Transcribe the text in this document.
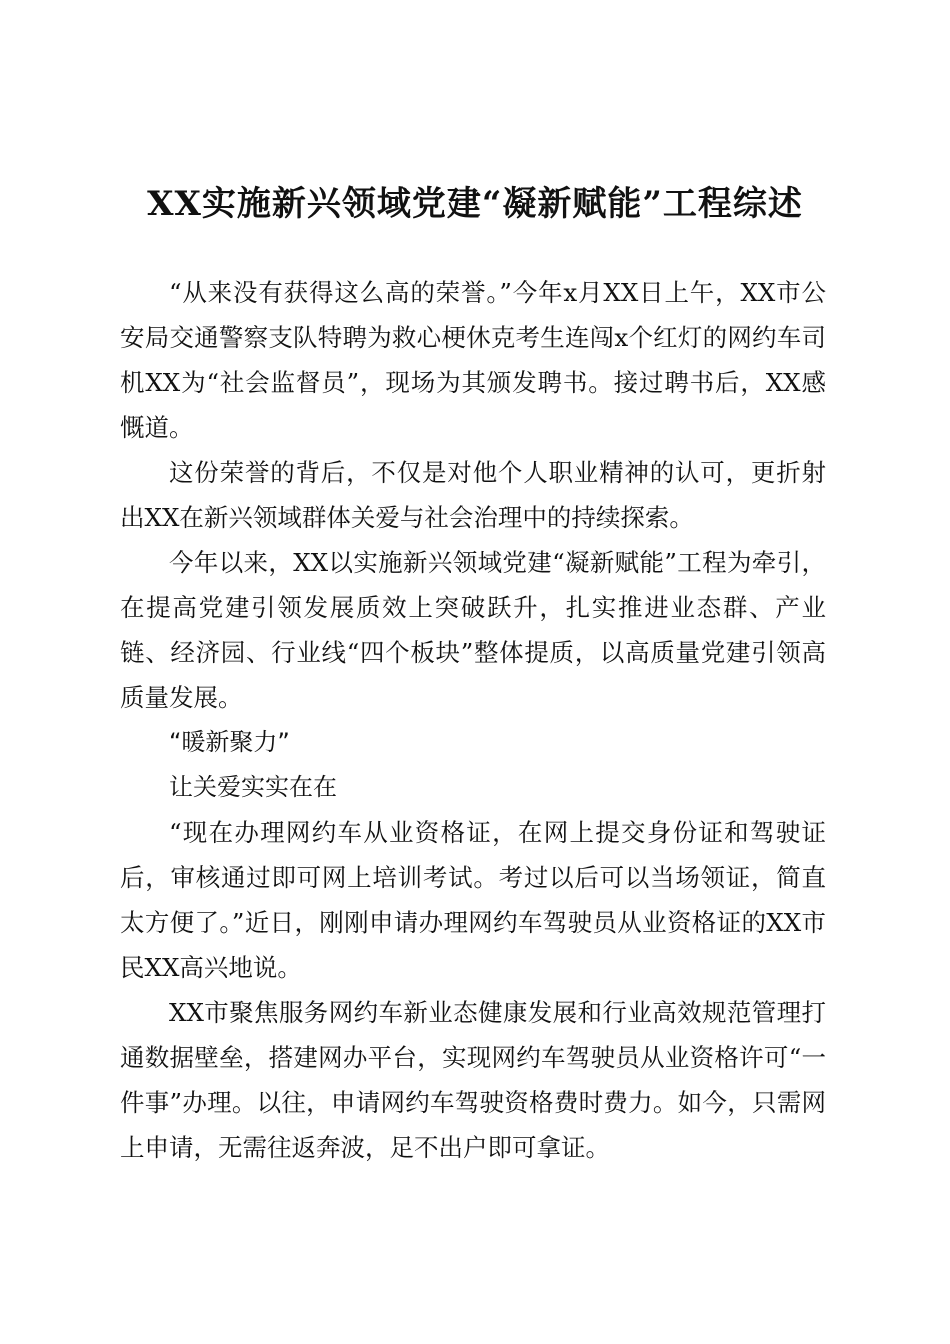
XX实施新兴领域党建“凝新赋能”工程综述

“从来没有获得这么高的荣誉。”今年x月XX日上午，XX市公安局交通警察支队特聘为救心梗休克考生连闯x个红灯的网约车司机XX为“社会监督员”，现场为其颁发聘书。接过聘书后，XX感慨道。

这份荣誉的背后，不仅是对他个人职业精神的认可，更折射出XX在新兴领域群体关爱与社会治理中的持续探索。

今年以来，XX以实施新兴领域党建“凝新赋能”工程为牵引，在提高党建引领发展质效上突破跃升，扎实推进业态群、产业链、经济园、行业线“四个板块”整体提质，以高质量党建引领高质量发展。

“暖新聚力”

让关爱实实在在

“现在办理网约车从业资格证，在网上提交身份证和驾驶证后，审核通过即可网上培训考试。考过以后可以当场领证，简直太方便了。”近日，刚刚申请办理网约车驾驶员从业资格证的XX市民XX高兴地说。

XX市聚焦服务网约车新业态健康发展和行业高效规范管理打通数据壁垒，搭建网办平台，实现网约车驾驶员从业资格许可“一件事”办理。以往，申请网约车驾驶资格费时费力。如今，只需网上申请，无需往返奔波，足不出户即可拿证。
